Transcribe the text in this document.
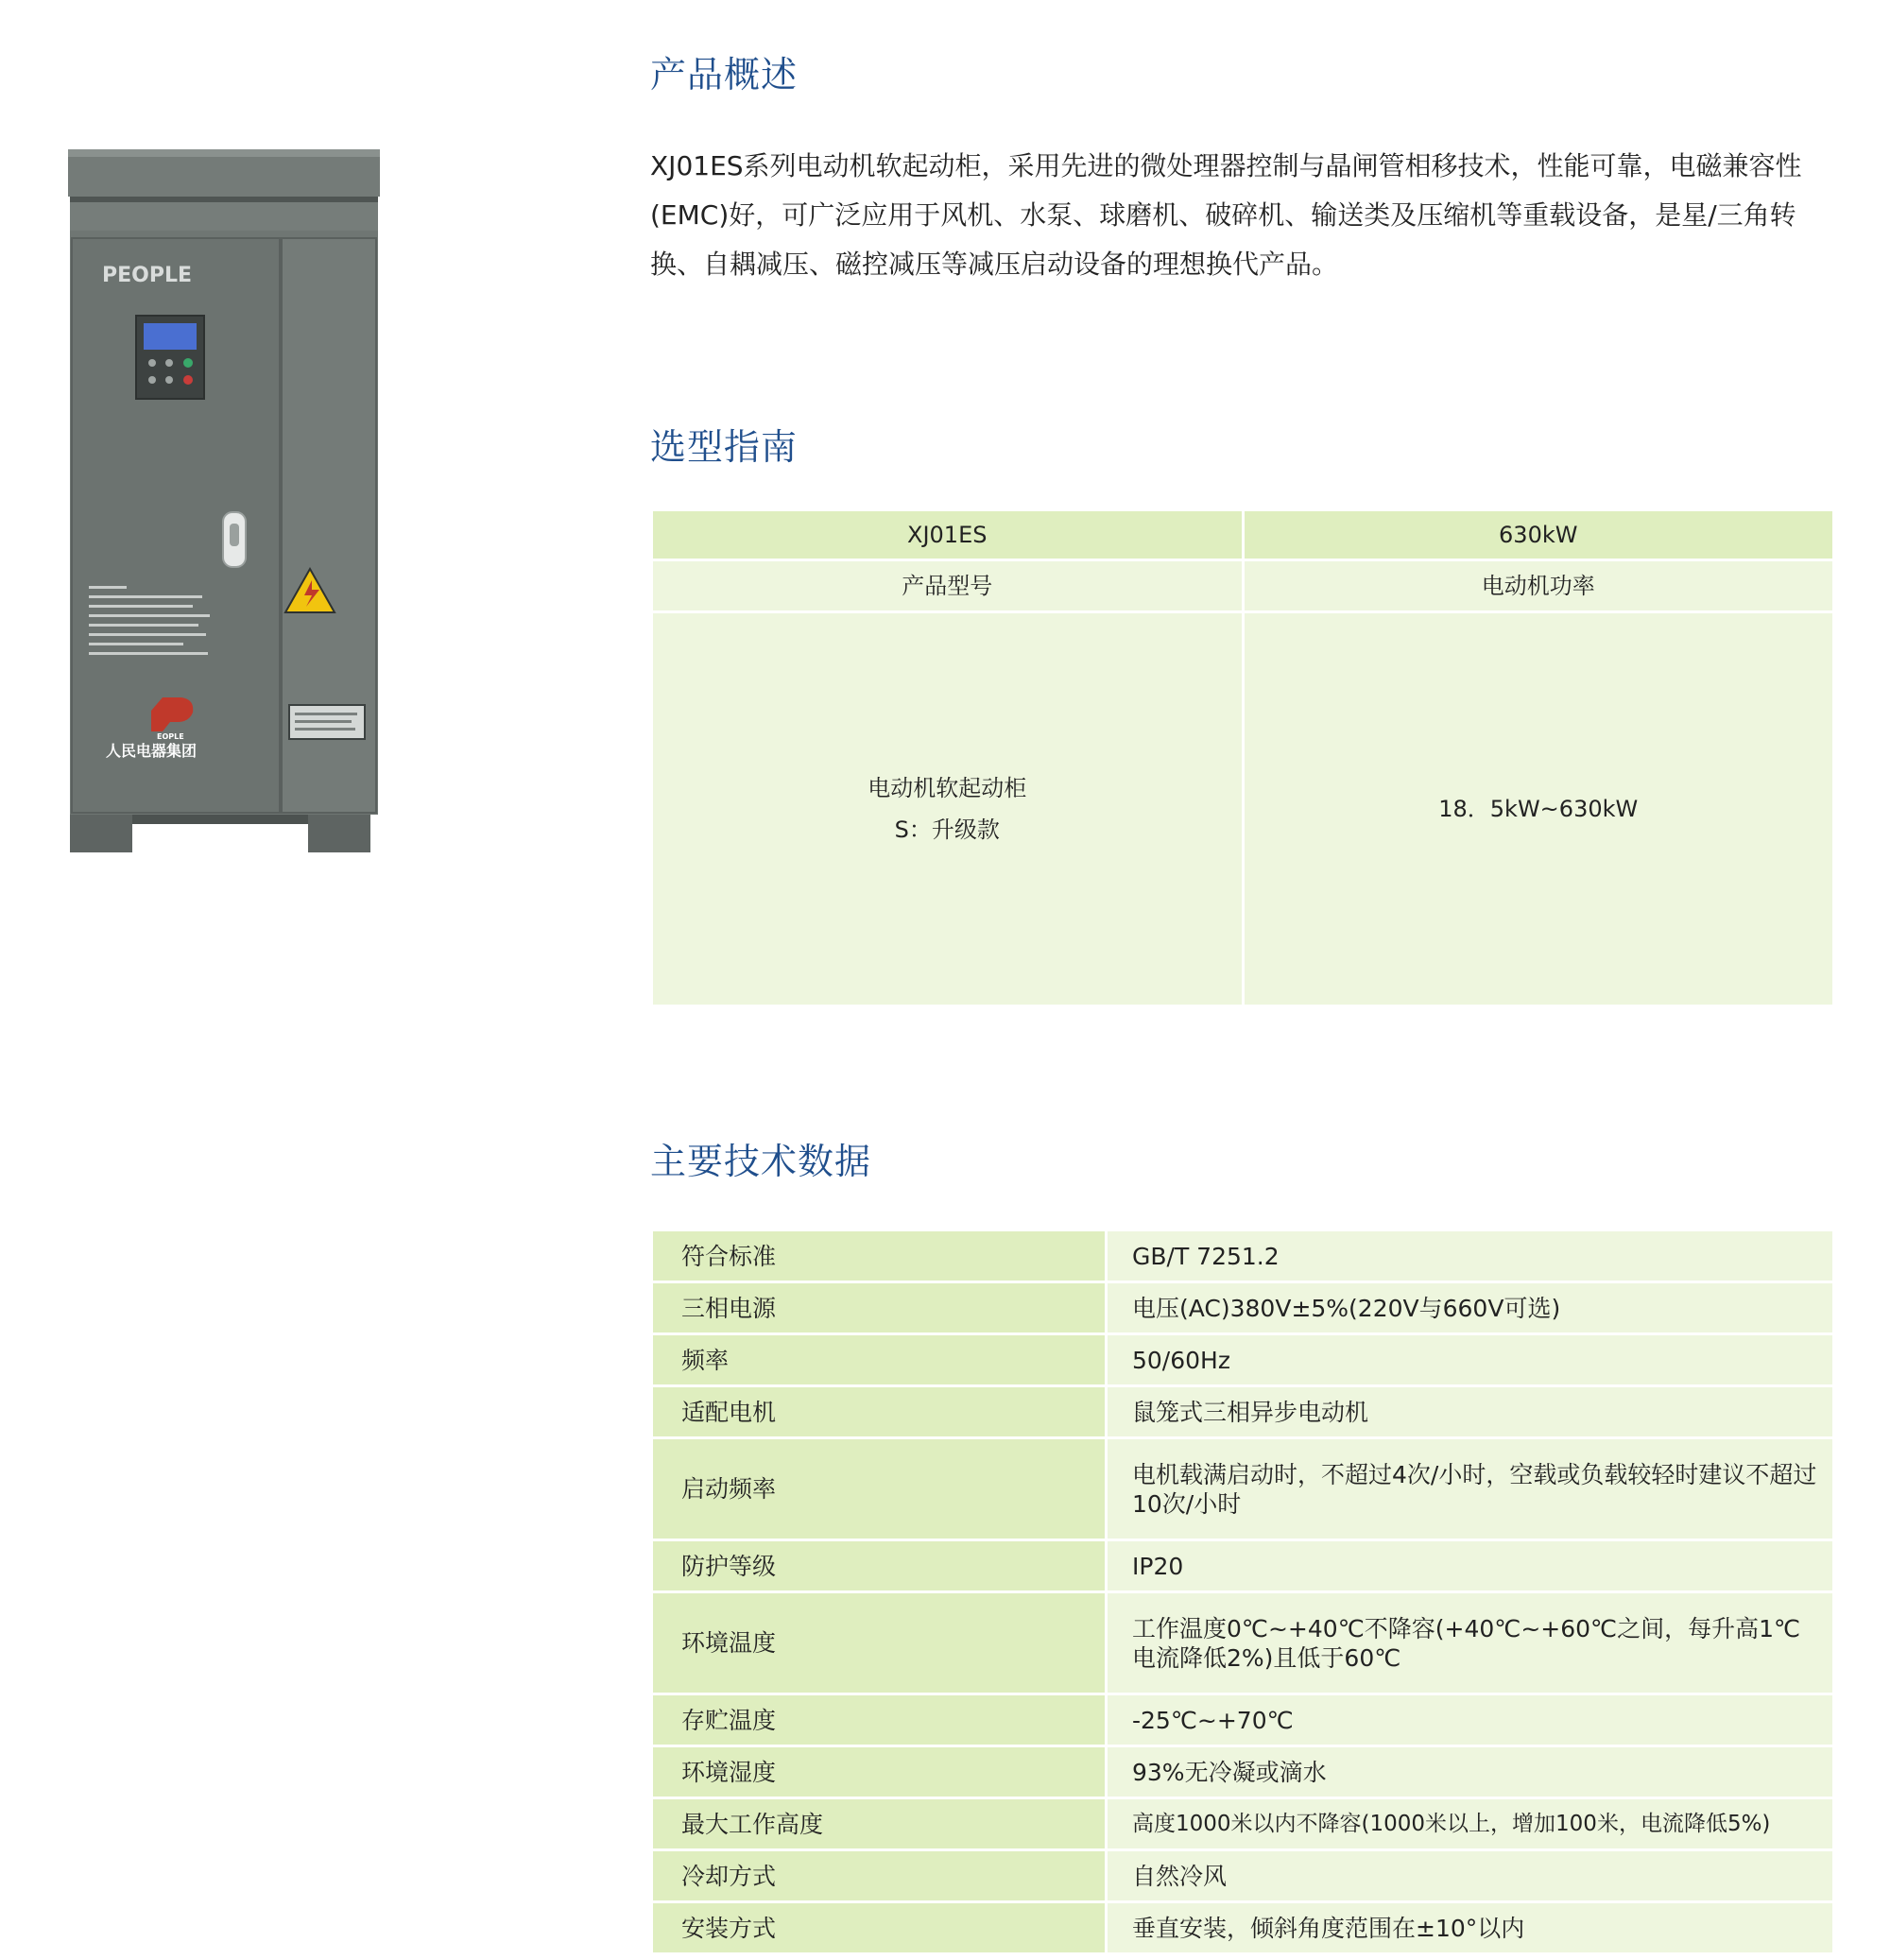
PEOPLE
EOPLE
人民电器集团
产品概述

XJ01ES系列电动机软起动柜，采用先进的微处理器控制与晶闸管相移技术，性能可靠，电磁兼容性(EMC)好，可广泛应用于风机、水泵、球磨机、破碎机、输送类及压缩机等重载设备，是星/三角转换、自耦减压、磁控减压等减压启动设备的理想换代产品。

选型指南
XJ01ES	630kW
产品型号	电动机功率

电动机软起动柜
S：升级款	18．5kW~630kW
主要技术数据
符合标准	GB/T 7251.2
三相电源	电压(AC)380V±5%(220V与660V可选)
频率	50/60Hz
适配电机	鼠笼式三相异步电动机
启动频率	电机载满启动时，不超过4次/小时，空载或负载较轻时建议不超过10次/小时
防护等级	IP20
环境温度	工作温度0℃~+40℃不降容(+40℃~+60℃之间，每升高1℃电流降低2%)且低于60℃
存贮温度	-25℃~+70℃
环境湿度	93%无冷凝或滴水
最大工作高度	高度1000米以内不降容(1000米以上，增加100米，电流降低5%)
冷却方式	自然冷风
安装方式	垂直安装，倾斜角度范围在±10°以内
